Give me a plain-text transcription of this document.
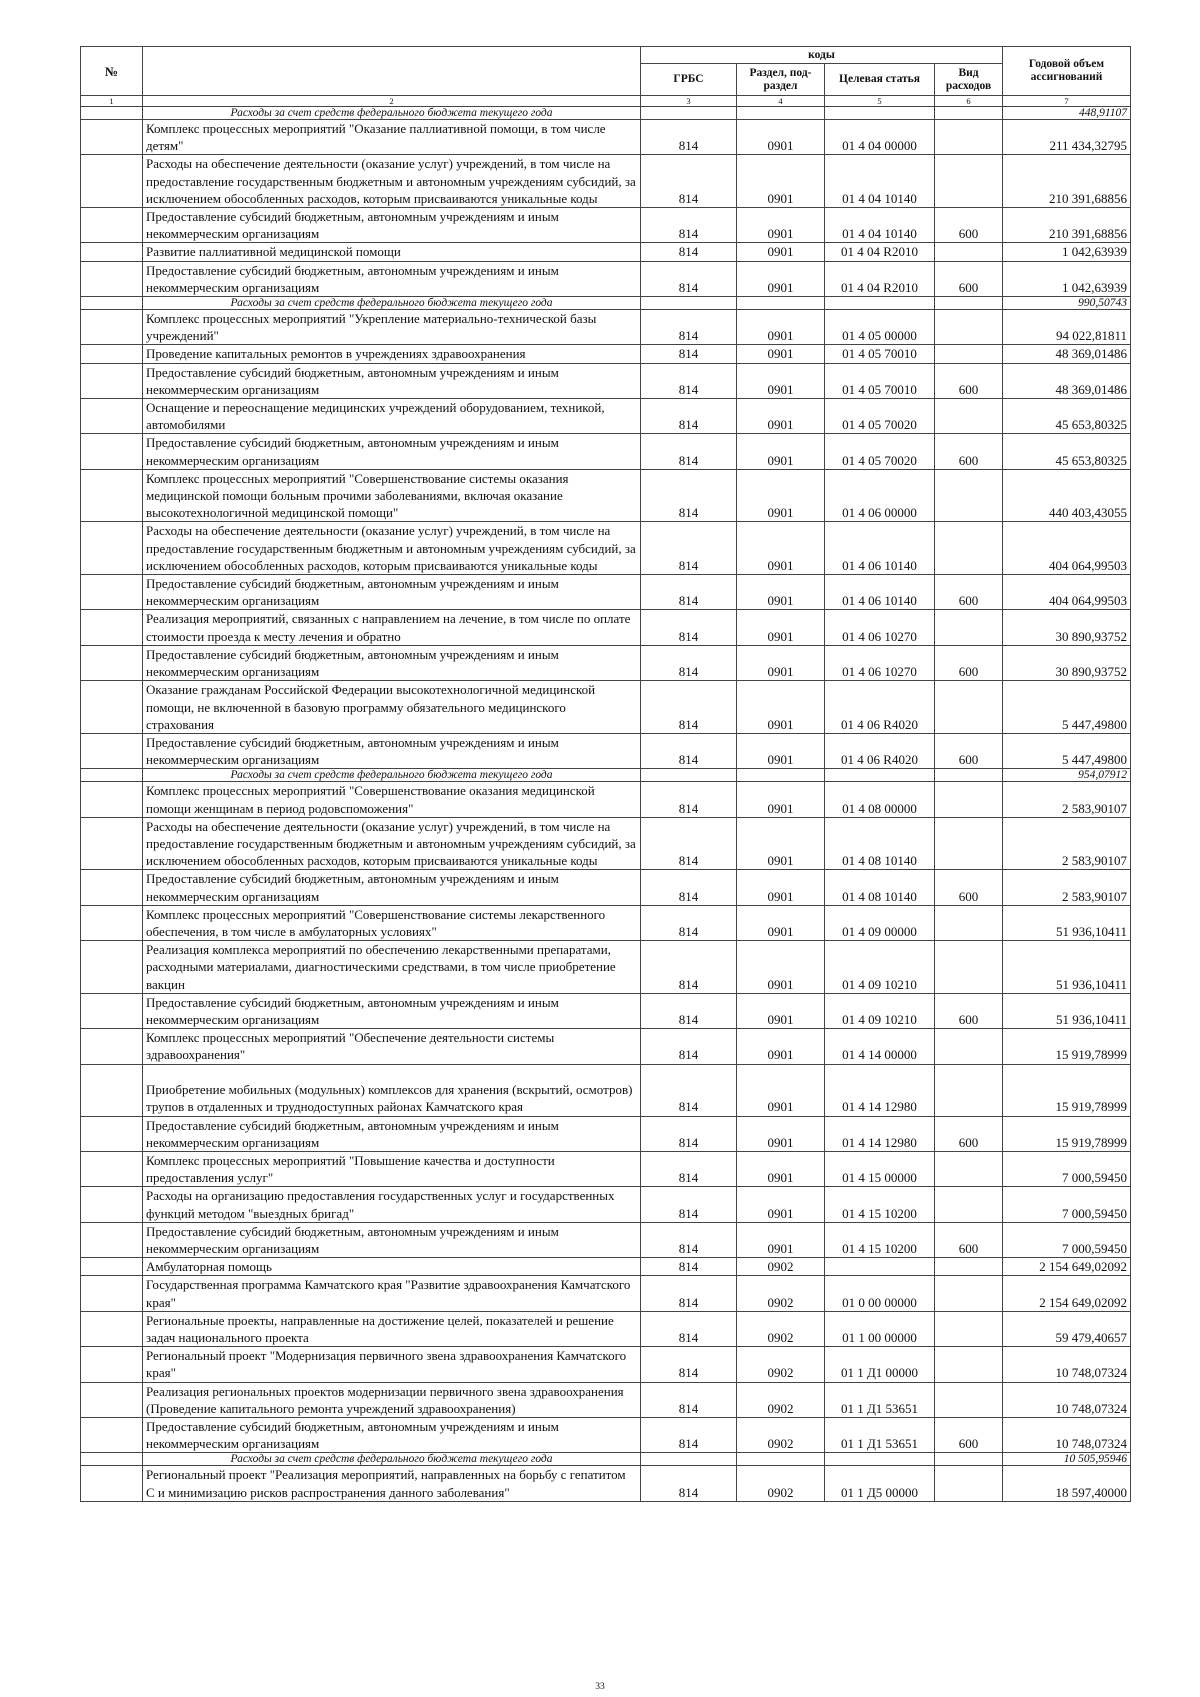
№		коды				Годовой объем ассигнований
		ГРБС	Раздел, под-раздел	Целевая статья	Вид расходов	
1	2	3	4	5	6	7
	Расходы за счет средств федерального бюджета текущего года					448,91107
	Комплекс процессных мероприятий "Оказание паллиативной помощи, в том числе детям"	814	0901	01 4 04 00000		211 434,32795
	Расходы на обеспечение деятельности (оказание услуг) учреждений, в том числе на предоставление государственным бюджетным и автономным учреждениям субсидий, за исключением обособленных расходов, которым присваиваются уникальные коды	814	0901	01 4 04 10140		210 391,68856
	Предоставление субсидий бюджетным, автономным учреждениям и иным некоммерческим организациям	814	0901	01 4 04 10140	600	210 391,68856
	Развитие паллиативной медицинской помощи	814	0901	01 4 04 R2010		1 042,63939
	Предоставление субсидий бюджетным, автономным учреждениям и иным некоммерческим организациям	814	0901	01 4 04 R2010	600	1 042,63939
	Расходы за счет средств федерального бюджета текущего года					990,50743
	Комплекс процессных мероприятий "Укрепление материально-технической базы учреждений"	814	0901	01 4 05 00000		94 022,81811
	Проведение капитальных ремонтов в учреждениях здравоохранения	814	0901	01 4 05 70010		48 369,01486
	Предоставление субсидий бюджетным, автономным учреждениям и иным некоммерческим организациям	814	0901	01 4 05 70010	600	48 369,01486
	Оснащение и переоснащение медицинских учреждений оборудованием, техникой, автомобилями	814	0901	01 4 05 70020		45 653,80325
	Предоставление субсидий бюджетным, автономным учреждениям и иным некоммерческим организациям	814	0901	01 4 05 70020	600	45 653,80325
	Комплекс процессных мероприятий "Совершенствование системы оказания медицинской помощи больным прочими заболеваниями, включая оказание высокотехнологичной медицинской помощи"	814	0901	01 4 06 00000		440 403,43055
	Расходы на обеспечение деятельности (оказание услуг) учреждений, в том числе на предоставление государственным бюджетным и автономным учреждениям субсидий, за исключением обособленных расходов, которым присваиваются уникальные коды	814	0901	01 4 06 10140		404 064,99503
	Предоставление субсидий бюджетным, автономным учреждениям и иным некоммерческим организациям	814	0901	01 4 06 10140	600	404 064,99503
	Реализация мероприятий, связанных с направлением на лечение, в том числе по оплате стоимости проезда к месту лечения и обратно	814	0901	01 4 06 10270		30 890,93752
	Предоставление субсидий бюджетным, автономным учреждениям и иным некоммерческим организациям	814	0901	01 4 06 10270	600	30 890,93752
	Оказание гражданам Российской Федерации высокотехнологичной медицинской помощи, не включенной в базовую программу обязательного медицинского страхования	814	0901	01 4 06 R4020		5 447,49800
	Предоставление субсидий бюджетным, автономным учреждениям и иным некоммерческим организациям	814	0901	01 4 06 R4020	600	5 447,49800
	Расходы за счет средств федерального бюджета текущего года					954,07912
	Комплекс процессных мероприятий "Совершенствование оказания медицинской помощи женщинам в период родовспоможения"	814	0901	01 4 08 00000		2 583,90107
	Расходы на обеспечение деятельности (оказание услуг) учреждений, в том числе на предоставление государственным бюджетным и автономным учреждениям субсидий, за исключением обособленных расходов, которым присваиваются уникальные коды	814	0901	01 4 08 10140		2 583,90107
	Предоставление субсидий бюджетным, автономным учреждениям и иным некоммерческим организациям	814	0901	01 4 08 10140	600	2 583,90107
	Комплекс процессных мероприятий "Совершенствование системы лекарственного обеспечения, в том числе в амбулаторных условиях"	814	0901	01 4 09 00000		51 936,10411
	Реализация комплекса мероприятий по обеспечению лекарственными препаратами, расходными материалами, диагностическими средствами, в том числе приобретение вакцин	814	0901	01 4 09 10210		51 936,10411
	Предоставление субсидий бюджетным, автономным учреждениям и иным некоммерческим организациям	814	0901	01 4 09 10210	600	51 936,10411
	Комплекс процессных мероприятий "Обеспечение деятельности системы здравоохранения"	814	0901	01 4 14 00000		15 919,78999
	Приобретение мобильных (модульных) комплексов для хранения (вскрытий, осмотров) трупов в отдаленных и труднодоступных районах Камчатского края	814	0901	01 4 14 12980		15 919,78999
	Предоставление субсидий бюджетным, автономным учреждениям и иным некоммерческим организациям	814	0901	01 4 14 12980	600	15 919,78999
	Комплекс процессных мероприятий "Повышение качества и доступности предоставления услуг"	814	0901	01 4 15 00000		7 000,59450
	Расходы на организацию предоставления государственных услуг и государственных функций методом "выездных бригад"	814	0901	01 4 15 10200		7 000,59450
	Предоставление субсидий бюджетным, автономным учреждениям и иным некоммерческим организациям	814	0901	01 4 15 10200	600	7 000,59450
	Амбулаторная помощь	814	0902			2 154 649,02092
	Государственная программа Камчатского края "Развитие здравоохранения Камчатского края"	814	0902	01 0 00 00000		2 154 649,02092
	Региональные проекты, направленные на достижение целей, показателей и решение задач национального проекта	814	0902	01 1 00 00000		59 479,40657
	Региональный проект "Модернизация первичного звена здравоохранения Камчатского края"	814	0902	01 1 Д1 00000		10 748,07324
	Реализация региональных проектов модернизации первичного звена здравоохранения (Проведение капитального ремонта учреждений здравоохранения)	814	0902	01 1 Д1 53651		10 748,07324
	Предоставление субсидий бюджетным, автономным учреждениям и иным некоммерческим организациям	814	0902	01 1 Д1 53651	600	10 748,07324
	Расходы за счет средств федерального бюджета текущего года					10 505,95946
	Региональный проект "Реализация мероприятий, направленных на борьбу с гепатитом С и минимизацию рисков распространения данного заболевания"	814	0902	01 1 Д5 00000		18 597,40000
33
